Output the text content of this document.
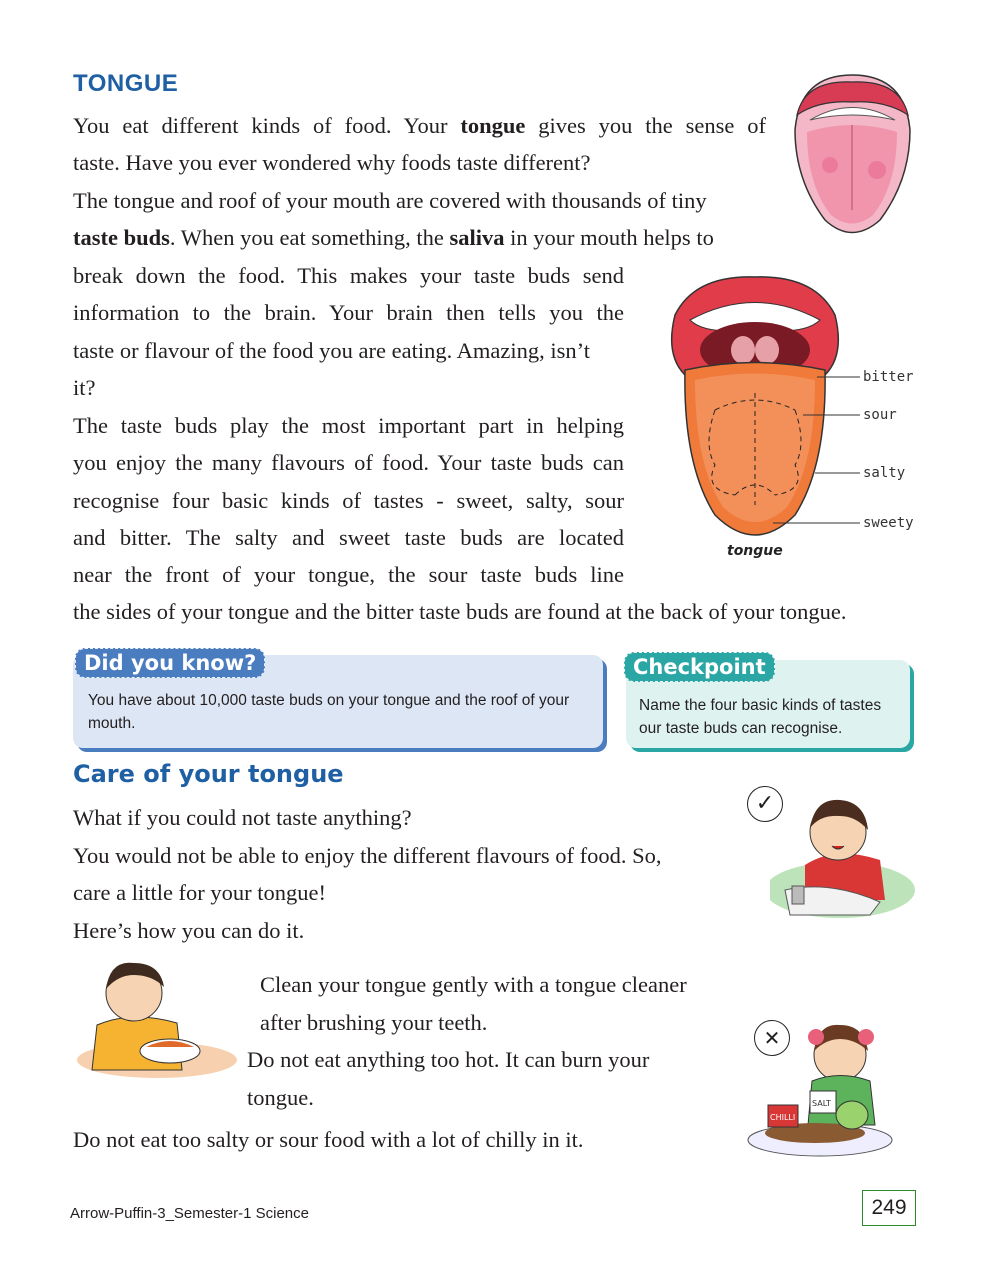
TONGUE
bitter
sour
salty
sweety
tongue
You eat different kinds of food. Your tongue gives you the sense of
taste. Have you ever wondered why foods taste different?
The tongue and roof of your mouth are covered with thousands of tiny
taste buds. When you eat something, the saliva in your mouth helps to
break down the food. This makes your taste buds send
information to the brain. Your brain then tells you the
taste or flavour of the food you are eating. Amazing, isn’t
it?
The taste buds play the most important part in helping
you enjoy the many flavours of food. Your taste buds can
recognise four basic kinds of tastes - sweet, salty, sour
and bitter. The salty and sweet taste buds are located
near the front of your tongue, the sour taste buds line
the sides of your tongue and the bitter taste buds are found at the back of your tongue.
Did you know?
You have about 10,000 taste buds on your tongue and the roof of your mouth.
Checkpoint
Name the four basic kinds of tastes our taste buds can recognise.
Care of your tongue
What if you could not taste anything?
You would not be able to enjoy the different flavours of food. So,
care a little for your tongue!
Here’s how you can do it.
✓
Clean your tongue gently with a tongue cleaner
after brushing your teeth.
Do not eat anything too hot. It can burn your
tongue.
Do not eat too salty or sour food with a lot of chilly in it.
✕
CHILLI
SALT
Arrow-Puffin-3_Semester-1 Science	249
